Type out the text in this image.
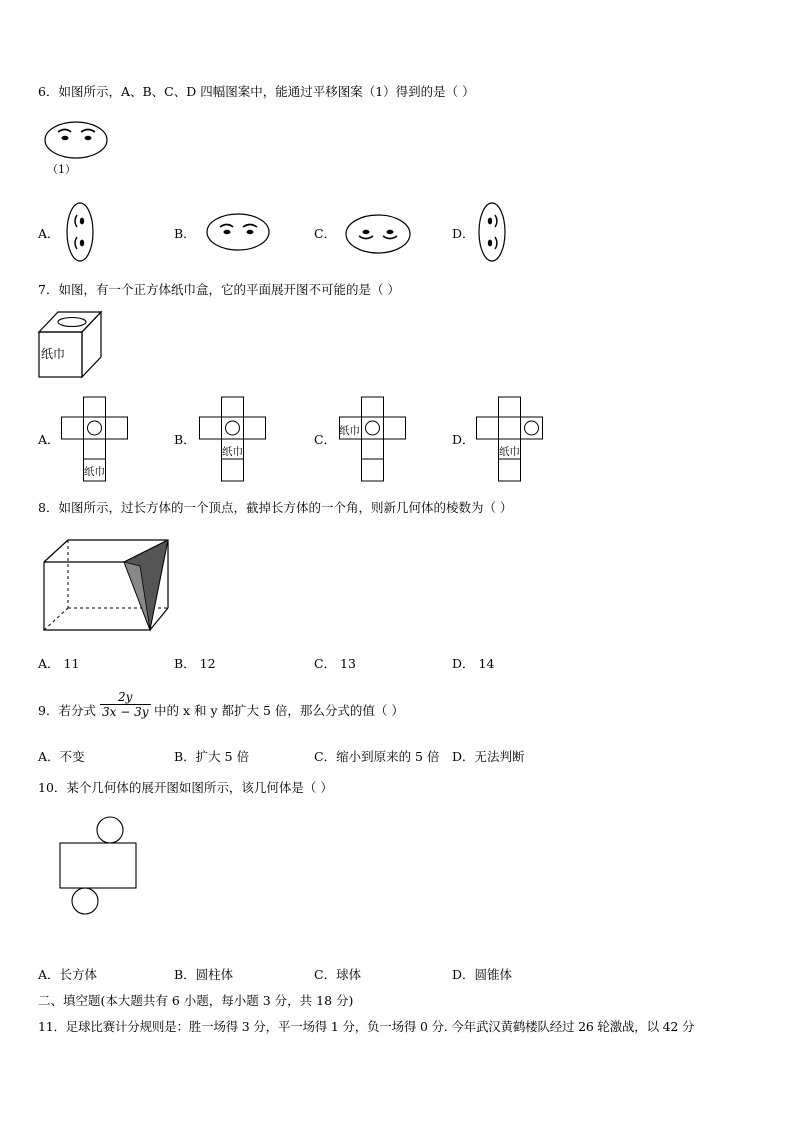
6．如图所示，A、B、C、D 四幅图案中，能通过平移图案（1）得到的是（ ）
（1）
A．	B．	C．	D．
7．如图，有一个正方体纸巾盒，它的平面展开图不可能的是（ ）
纸巾
A．
纸巾
B．
纸巾
C．
纸巾
D．
纸巾
8．如图所示，过长方体的一个顶点，截掉长方体的一个角，则新几何体的棱数为（ ）
A． 11	B． 12	C． 13	D． 14
9．若分式 $\frac{2y}{3x - 3y}$ 中的 x 和 y 都扩大 5 倍，那么分式的值（ ）
A．不变	B．扩大 5 倍	C．缩小到原来的 5 倍 D．无法判断
10．某个几何体的展开图如图所示，该几何体是（ ）
A．长方体	B．圆柱体	C．球体	D．圆锥体
二、填空题(本大题共有 6 小题，每小题 3 分，共 18 分)
11．足球比赛计分规则是：胜一场得 3 分，平一场得 1 分，负一场得 0 分. 今年武汉黄鹤楼队经过 26 轮激战，以 42 分
